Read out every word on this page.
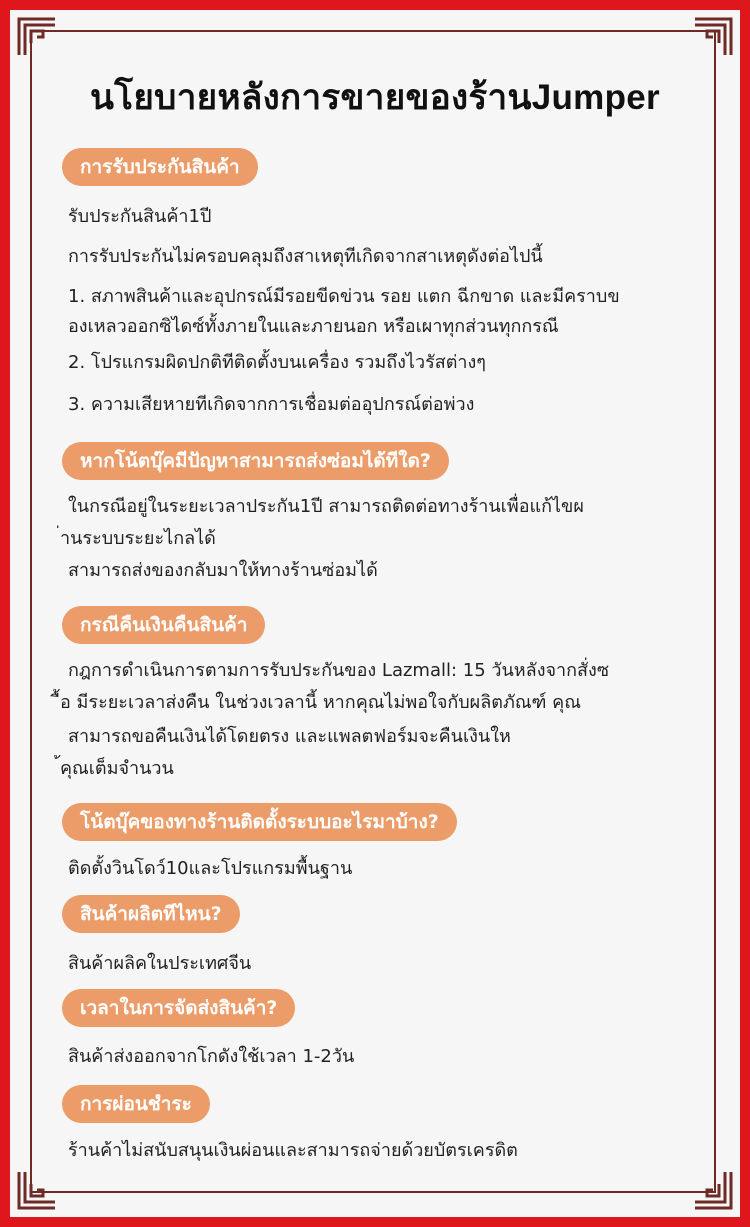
นโยบายหลังการขายของร้านJumper
การรับประกันสินค้า
รับประกันสินค้า1ปี
การรับประกันไม่ครอบคลุมถึงสาเหตุทีเกิดจากสาเหตุดังต่อไปนี้
1. สภาพสินค้าและอุปกรณ์มีรอยขีดข่วน รอย แตก ฉีกขาด และมีคราบข
องเหลวออกซิไดซ์ทั้งภายในและภายนอก หรือเผาทุกส่วนทุกกรณี
2. โปรแกรมผิดปกติทีติดตั้งบนเครื่อง รวมถึงไวรัสต่างๆ
3. ความเสียหายทีเกิดจากการเชื่อมต่ออุปกรณ์ต่อพ่วง
หากโน้ตบุ๊คมีปัญหาสามารถส่งซ่อมได้ทีใด?
ในกรณีอยู่ในระยะเวลาประกัน1ปี สามารถติดต่อทางร้านเพื่อแก้ไขผ
่านระบบระยะไกลได้
สามารถส่งของกลับมาให้ทางร้านซ่อมได้
กรณีคืนเงินคืนสินค้า
กฎการดำเนินการตามการรับประกันของ Lazmall: 15 วันหลังจากสั่งซ
ื้อ มีระยะเวลาส่งคืน ในช่วงเวลานี้ หากคุณไม่พอใจกับผลิตภัณฑ์ คุณ
สามารถขอคืนเงินได้โดยตรง และแพลตฟอร์มจะคืนเงินให
้คุณเต็มจำนวน
โน้ตบุ๊คของทางร้านติดตั้งระบบอะไรมาบ้าง?
ติดตั้งวินโดว์10และโปรแกรมพื้นฐาน
สินค้าผลิตทีไหน?
สินค้าผลิคในประเทศจีน
เวลาในการจัดส่งสินค้า?
สินค้าส่งออกจากโกดังใช้เวลา 1-2วัน
การผ่อนชำระ
ร้านค้าไม่สนับสนุนเงินผ่อนและสามารถจ่ายด้วยบัตรเครดิต
